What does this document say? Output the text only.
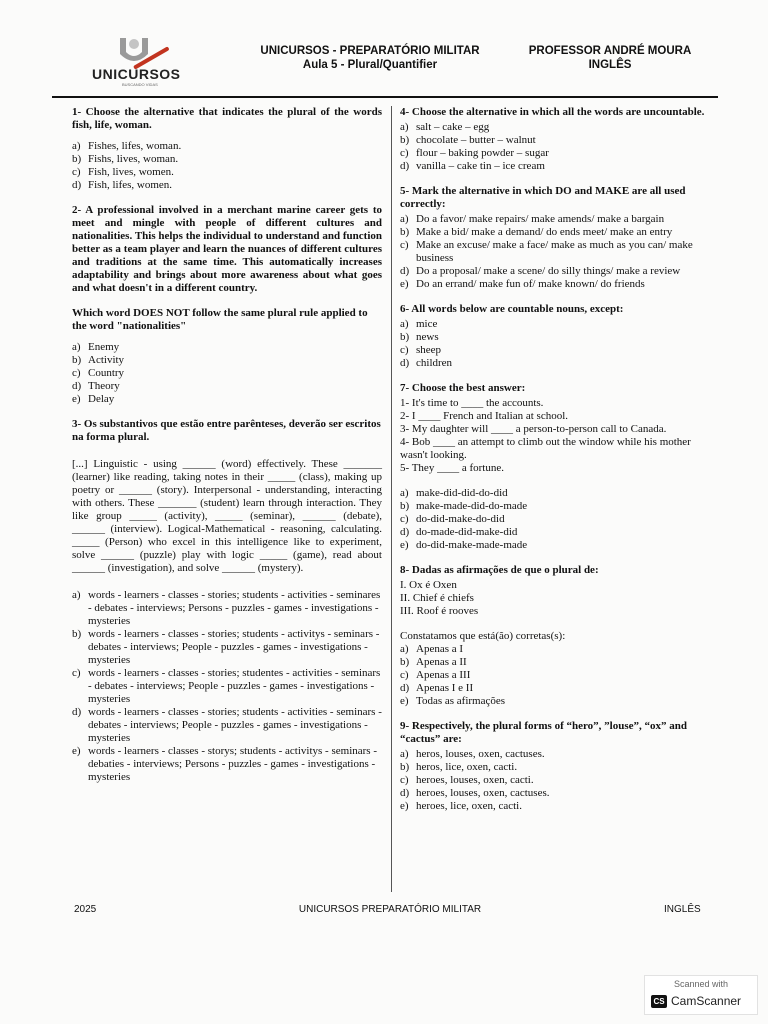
UNICURSOS
BUSCANDO VIDAS
UNICURSOS - PREPARATÓRIO MILITAR
Aula 5 - Plural/Quantifier
PROFESSOR ANDRÉ MOURA
INGLÊS
1- Choose the alternative that indicates the plural of the words fish, life, woman.
a) Fishes, lifes, woman.
b) Fishs, lives, woman.
c) Fish, lives, women.
d) Fish, lifes, women.
2- A professional involved in a merchant marine career gets to meet and mingle with people of different cultures and nationalities. This helps the individual to understand and function better as a team player and learn the nuances of different cultures and traditions at the same time. This automatically increases adaptability and brings about more awareness about what goes and what doesn't in a different country.
Which word DOES NOT follow the same plural rule applied to the word "nationalities"
a) Enemy
b) Activity
c) Country
d) Theory
e) Delay
3- Os substantivos que estão entre parênteses, deverão ser escritos na forma plural.
[...] Linguistic - using ______ (word) effectively. These _______ (learner) like reading, taking notes in their _____ (class), making up poetry or ______ (story). Interpersonal - understanding, interacting with others. These _______ (student) learn through interaction. They like group _____ (activity), _____ (seminar), ______ (debate), ______ (interview). Logical-Mathematical - reasoning, calculating. _____ (Person) who excel in this intelligence like to experiment, solve ______ (puzzle) play with logic _____ (game), read about ______ (investigation), and solve ______ (mystery).
a) words - learners - classes - stories; students - activities - seminares - debates - interviews; Persons - puzzles - games - investigations - mysteries
b) words - learners - classes - stories; students - activitys - seminars - debates - interviews; People - puzzles - games - investigations - mysteries
c) words - learners - classes - stories; studentes - activities - seminars - debates - interviews; People - puzzles - games - investigations - mysteries
d) words - learners - classes - stories; students - activities - seminars - debates - interviews; People - puzzles - games - investigations - mysteries
e) words - learners - classes - storys; students - activitys - seminars - debaties - interviews; Persons - puzzles - games - investigations - mysteries
4- Choose the alternative in which all the words are uncountable.
a) salt – cake – egg
b) chocolate – butter – walnut
c) flour – baking powder – sugar
d) vanilla – cake tin – ice cream
5- Mark the alternative in which DO and MAKE are all used correctly:
a) Do a favor/ make repairs/ make amends/ make a bargain
b) Make a bid/ make a demand/ do ends meet/ make an entry
c) Make an excuse/ make a face/ make as much as you can/ make business
d) Do a proposal/ make a scene/ do silly things/ make a review
e) Do an errand/ make fun of/ make known/ do friends
6- All words below are countable nouns, except:
a) mice
b) news
c) sheep
d) children
7- Choose the best answer:
1- It's time to ____ the accounts.
2- I ____ French and Italian at school.
3- My daughter will ____ a person-to-person call to Canada.
4- Bob ____ an attempt to climb out the window while his mother wasn't looking.
5- They ____ a fortune.
a) make-did-did-do-did
b) make-made-did-do-made
c) do-did-make-do-did
d) do-made-did-make-did
e) do-did-make-made-made
8- Dadas as afirmações de que o plural de:
I. Ox é Oxen
II. Chief é chiefs
III. Roof é rooves
Constatamos que está(ão) corretas(s):
a) Apenas a I
b) Apenas a II
c) Apenas a III
d) Apenas I e II
e) Todas as afirmações
9- Respectively, the plural forms of “hero”, ”louse”, “ox” and “cactus” are:
a) heros, louses, oxen, cactuses.
b) heros, lice, oxen, cacti.
c) heroes, louses, oxen, cacti.
d) heroes, louses, oxen, cactuses.
e) heroes, lice, oxen, cacti.
2025	UNICURSOS PREPARATÓRIO MILITAR	INGLÊS
Scanned with
CS CamScanner
